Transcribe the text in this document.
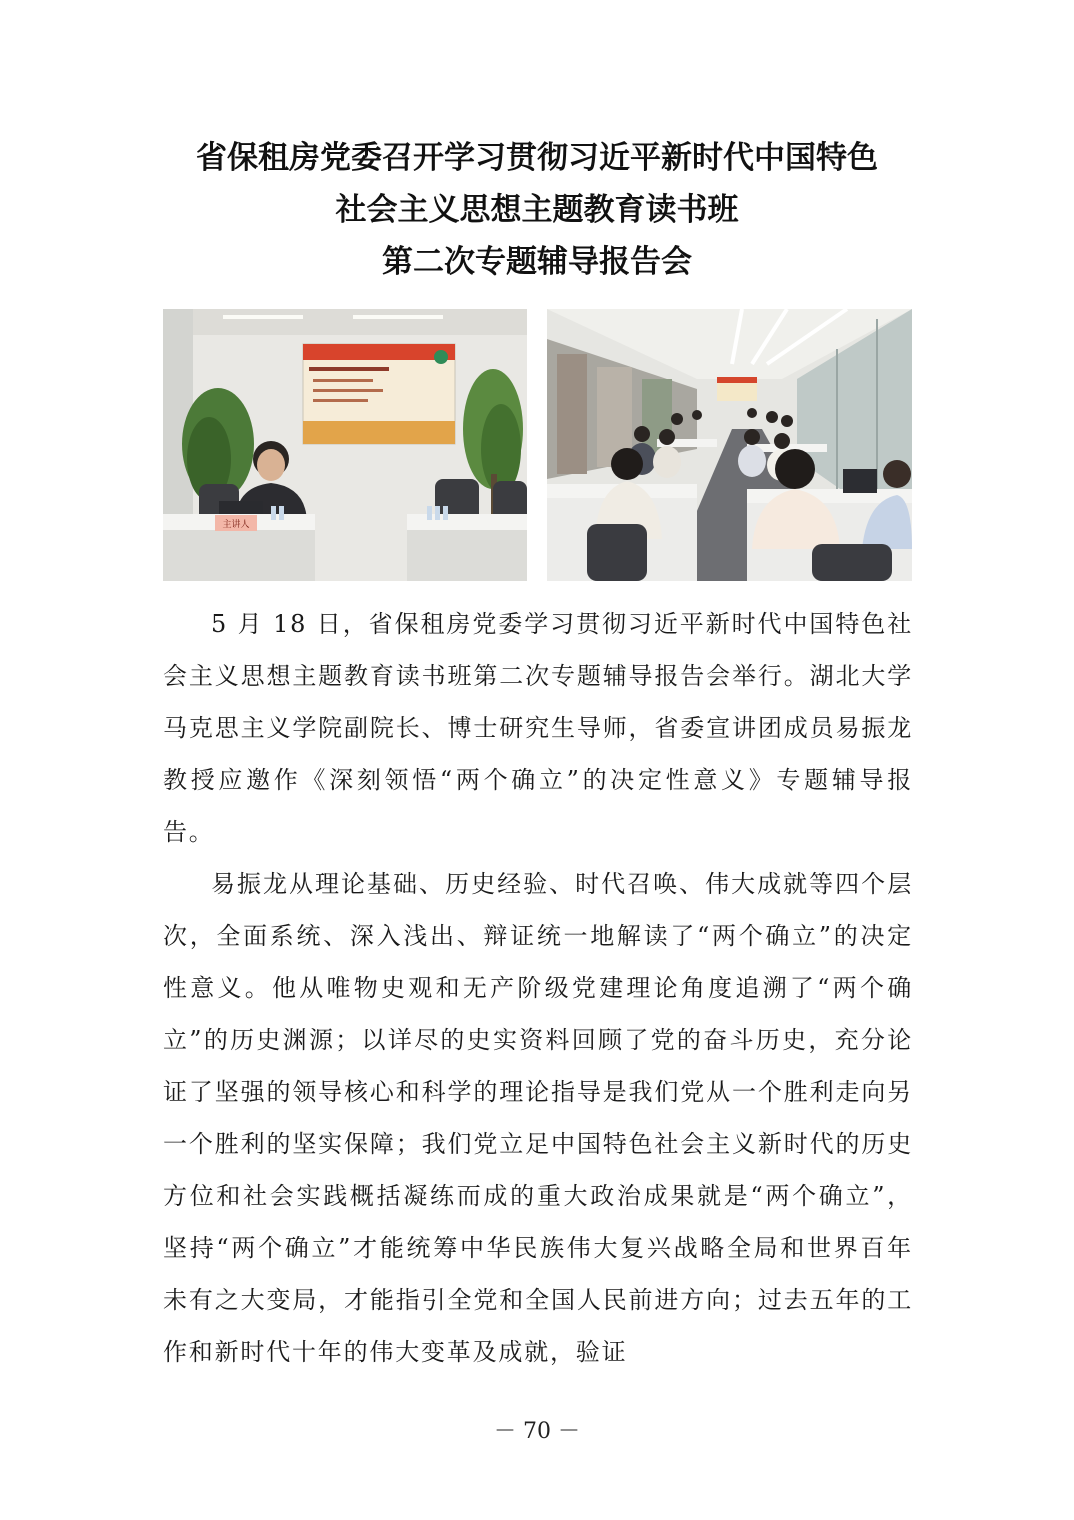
省保租房党委召开学习贯彻习近平新时代中国特色
社会主义思想主题教育读书班
第二次专题辅导报告会
主讲人

5 月 18 日，省保租房党委学习贯彻习近平新时代中国特色社会主义思想主题教育读书班第二次专题辅导报告会举行。湖北大学马克思主义学院副院长、博士研究生导师，省委宣讲团成员易振龙教授应邀作《深刻领悟“两个确立”的决定性意义》专题辅导报告。

易振龙从理论基础、历史经验、时代召唤、伟大成就等四个层次，全面系统、深入浅出、辩证统一地解读了“两个确立”的决定性意义。他从唯物史观和无产阶级党建理论角度追溯了“两个确立”的历史渊源；以详尽的史实资料回顾了党的奋斗历史，充分论证了坚强的领导核心和科学的理论指导是我们党从一个胜利走向另一个胜利的坚实保障；我们党立足中国特色社会主义新时代的历史方位和社会实践概括凝练而成的重大政治成果就是“两个确立”，坚持“两个确立”才能统筹中华民族伟大复兴战略全局和世界百年未有之大变局，才能指引全党和全国人民前进方向；过去五年的工作和新时代十年的伟大变革及成就，验证

－ 70 －
